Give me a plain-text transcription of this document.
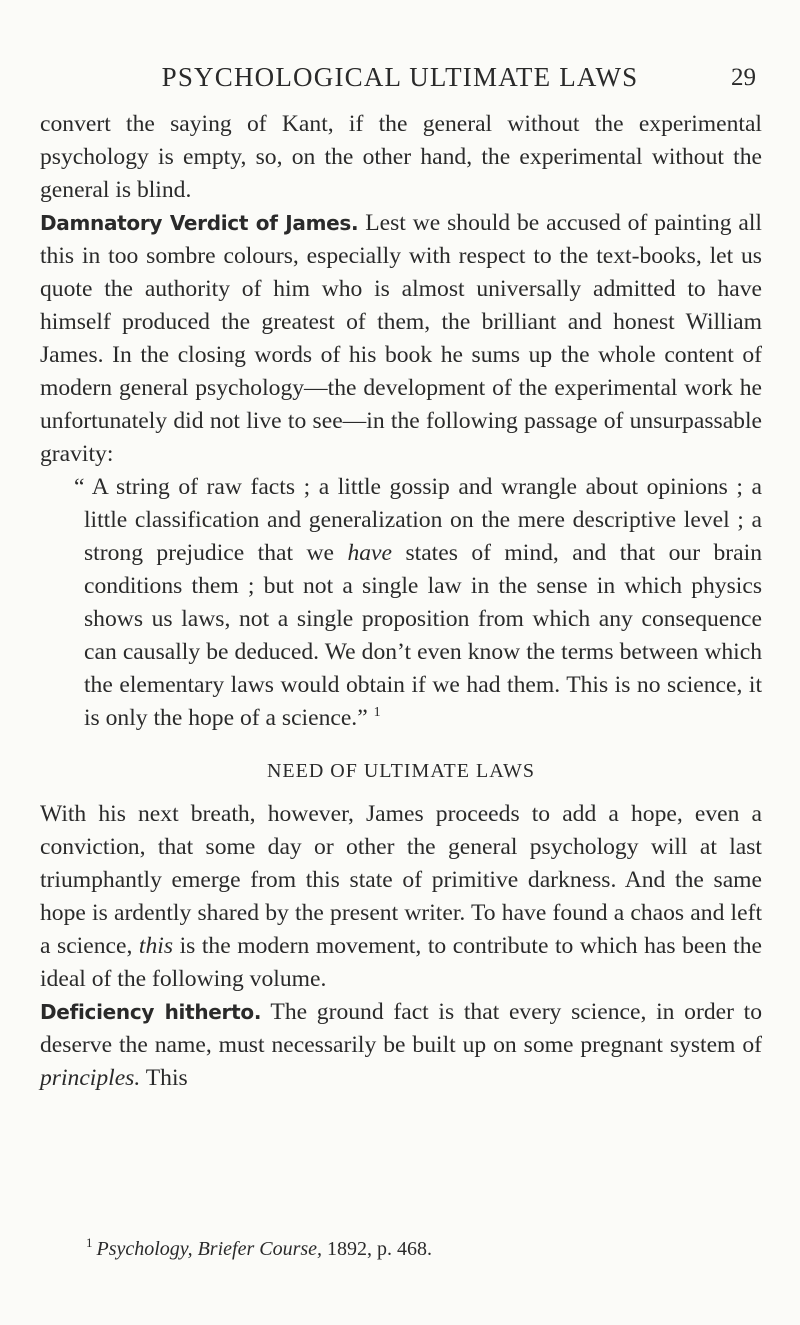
PSYCHOLOGICAL ULTIMATE LAWS	29

convert the saying of Kant, if the general without the experimental psychology is empty, so, on the other hand, the experimental without the general is blind.

Damnatory Verdict of James. Lest we should be accused of painting all this in too sombre colours, especially with respect to the text-books, let us quote the authority of him who is almost universally admitted to have himself produced the greatest of them, the brilliant and honest William James. In the closing words of his book he sums up the whole content of modern general psychology—the development of the experimental work he unfortunately did not live to see—in the following passage of unsurpassable gravity:

“ A string of raw facts ; a little gossip and wrangle about opinions ; a little classification and generalization on the mere descriptive level ; a strong prejudice that we have states of mind, and that our brain conditions them ; but not a single law in the sense in which physics shows us laws, not a single proposition from which any consequence can causally be deduced. We don’t even know the terms between which the elementary laws would obtain if we had them. This is no science, it is only the hope of a science.” $^1$

NEED OF ULTIMATE LAWS

With his next breath, however, James proceeds to add a hope, even a conviction, that some day or other the general psychology will at last triumphantly emerge from this state of primitive darkness. And the same hope is ardently shared by the present writer. To have found a chaos and left a science, this is the modern movement, to contribute to which has been the ideal of the following volume.

Deficiency hitherto. The ground fact is that every science, in order to deserve the name, must necessarily be built up on some pregnant system of principles. This

$^1$ Psychology, Briefer Course, 1892, p. 468.
